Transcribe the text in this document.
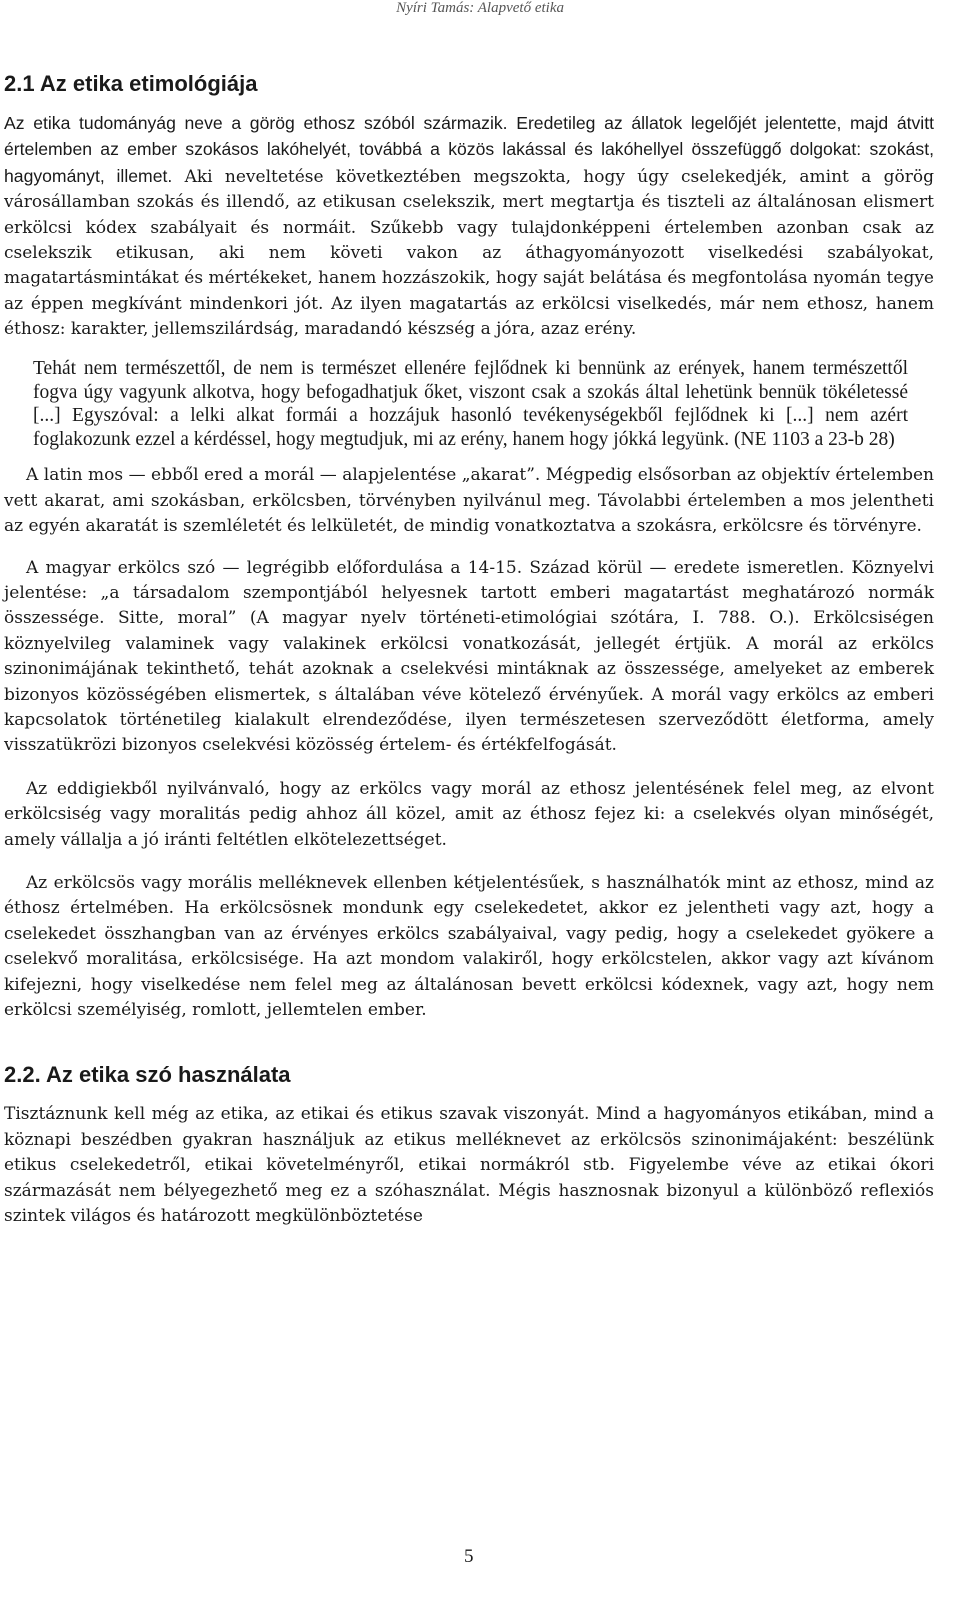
Nyíri Tamás: Alapvető etika
2.1 Az etika etimológiája

Az etika tudományág neve a görög ethosz szóból származik. Eredetileg az állatok legelőjét jelentette, majd átvitt értelemben az ember szokásos lakóhelyét, továbbá a közös lakással és lakóhellyel összefüggő dolgokat: szokást, hagyományt, illemet. Aki neveltetése következtében megszokta, hogy úgy cselekedjék, amint a görög városállamban szokás és illendő, az etikusan cselekszik, mert megtartja és tiszteli az általánosan elismert erkölcsi kódex szabályait és normáit. Szűkebb vagy tulajdonképpeni értelemben azonban csak az cselekszik etikusan, aki nem követi vakon az áthagyományozott viselkedési szabályokat, magatartásmintákat és mértékeket, hanem hozzászokik, hogy saját belátása és megfontolása nyomán tegye az éppen megkívánt mindenkori jót. Az ilyen magatartás az erkölcsi viselkedés, már nem ethosz, hanem éthosz: karakter, jellemszilárdság, maradandó készség a jóra, azaz erény.

Tehát nem természettől, de nem is természet ellenére fejlődnek ki bennünk az erények, hanem természettől fogva úgy vagyunk alkotva, hogy befogadhatjuk őket, viszont csak a szokás által lehetünk bennük tökéletessé [...] Egyszóval: a lelki alkat formái a hozzájuk hasonló tevékenységekből fejlődnek ki [...] nem azért foglakozunk ezzel a kérdéssel, hogy megtudjuk, mi az erény, hanem hogy jókká legyünk. (NE 1103 a 23-b 28)

A latin mos — ebből ered a morál — alapjelentése „akarat”. Mégpedig elsősorban az objektív értelemben vett akarat, ami szokásban, erkölcsben, törvényben nyilvánul meg. Távolabbi értelemben a mos jelentheti az egyén akaratát is szemléletét és lelkületét, de mindig vonatkoztatva a szokásra, erkölcsre és törvényre.

A magyar erkölcs szó — legrégibb előfordulása a 14-15. Század körül — eredete ismeretlen. Köznyelvi jelentése: „a társadalom szempontjából helyesnek tartott emberi magatartást meghatározó normák összessége. Sitte, moral” (A magyar nyelv történeti-etimológiai szótára, I. 788. O.). Erkölcsiségen köznyelvileg valaminek vagy valakinek erkölcsi vonatkozását, jellegét értjük. A morál az erkölcs szinonimájának tekinthető, tehát azoknak a cselekvési mintáknak az összessége, amelyeket az emberek bizonyos közösségében elismertek, s általában véve kötelező érvényűek. A morál vagy erkölcs az emberi kapcsolatok történetileg kialakult elrendeződése, ilyen természetesen szerveződött életforma, amely visszatükrözi bizonyos cselekvési közösség értelem- és értékfelfogását.

Az eddigiekből nyilvánvaló, hogy az erkölcs vagy morál az ethosz jelentésének felel meg, az elvont erkölcsiség vagy moralitás pedig ahhoz áll közel, amit az éthosz fejez ki: a cselekvés olyan minőségét, amely vállalja a jó iránti feltétlen elkötelezettséget.

Az erkölcsös vagy morális melléknevek ellenben kétjelentésűek, s használhatók mint az ethosz, mind az éthosz értelmében. Ha erkölcsösnek mondunk egy cselekedetet, akkor ez jelentheti vagy azt, hogy a cselekedet összhangban van az érvényes erkölcs szabályaival, vagy pedig, hogy a cselekedet gyökere a cselekvő moralitása, erkölcsisége. Ha azt mondom valakiről, hogy erkölcstelen, akkor vagy azt kívánom kifejezni, hogy viselkedése nem felel meg az általánosan bevett erkölcsi kódexnek, vagy azt, hogy nem erkölcsi személyiség, romlott, jellemtelen ember.

2.2. Az etika szó használata

Tisztáznunk kell még az etika, az etikai és etikus szavak viszonyát. Mind a hagyományos etikában, mind a köznapi beszédben gyakran használjuk az etikus melléknevet az erkölcsös szinonimájaként: beszélünk etikus cselekedetről, etikai követelményről, etikai normákról stb. Figyelembe véve az etikai ókori származását nem bélyegezhető meg ez a szóhasználat. Mégis hasznosnak bizonyul a különböző reflexiós szintek világos és határozott megkülönböztetése

5
